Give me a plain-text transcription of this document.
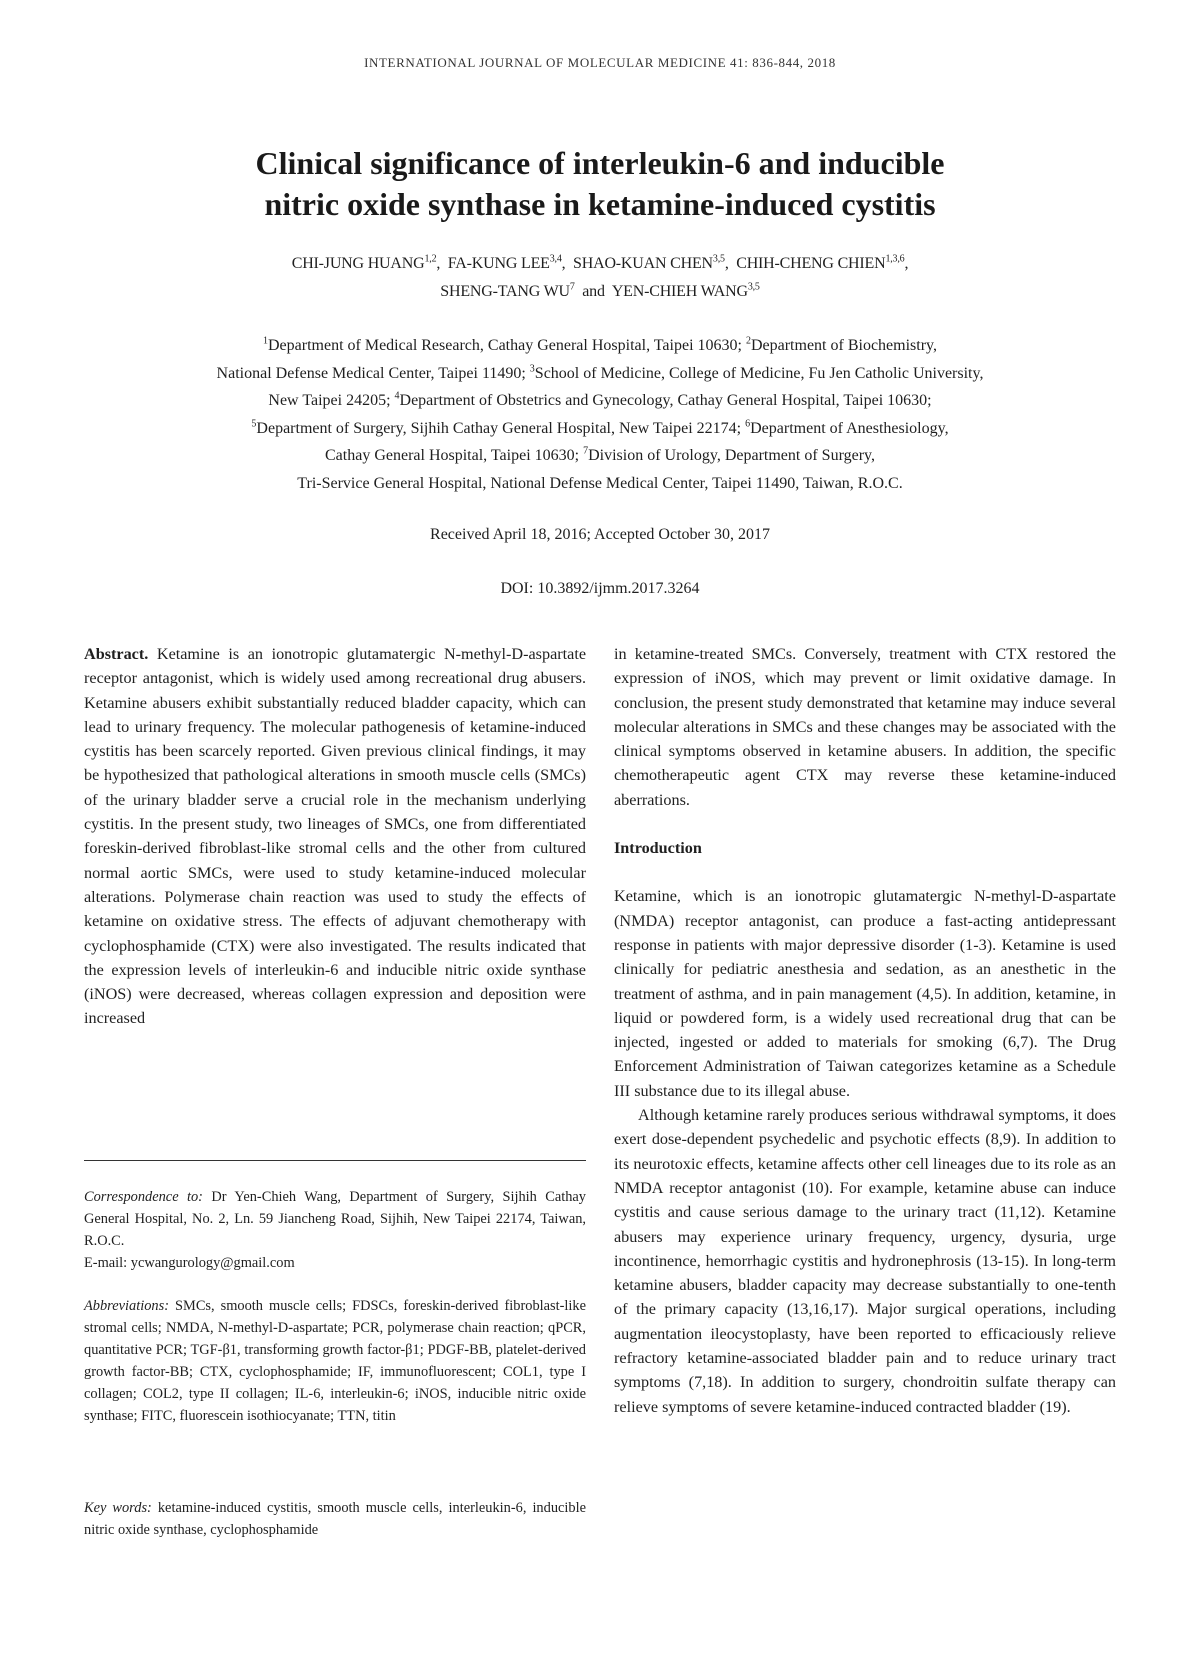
INTERNATIONAL JOURNAL OF MOLECULAR MEDICINE 41: 836-844, 2018
Clinical significance of interleukin-6 and inducible
nitric oxide synthase in ketamine-induced cystitis
CHI-JUNG HUANG$^{1,2}$,  FA-KUNG LEE$^{3,4}$,  SHAO-KUAN CHEN$^{3,5}$,  CHIH-CHENG CHIEN$^{1,3,6}$,
SHENG-TANG $WU^7$ and YEN-CHIEH WANG$^{3,5}$
$^1$Department of Medical Research, Cathay General Hospital, Taipei 10630; $^2$Department of Biochemistry,
National Defense Medical Center, Taipei 11490; $^3$School of Medicine, College of Medicine, Fu Jen Catholic University,
New Taipei 24205; $^4$Department of Obstetrics and Gynecology, Cathay General Hospital, Taipei 10630;
$^5$Department of Surgery, Sijhih Cathay General Hospital, New Taipei 22174; $^6$Department of Anesthesiology,
Cathay General Hospital, Taipei 10630; $^7$Division of Urology, Department of Surgery,
Tri-Service General Hospital, National Defense Medical Center, Taipei 11490, Taiwan, R.O.C.
Received April 18, 2016; Accepted October 30, 2017
DOI: 10.3892/ijmm.2017.3264

Abstract. Ketamine is an ionotropic glutamatergic N-methyl-D-aspartate receptor antagonist, which is widely used among recreational drug abusers. Ketamine abusers exhibit substantially reduced bladder capacity, which can lead to urinary frequency. The molecular pathogenesis of ketamine-induced cystitis has been scarcely reported. Given previous clinical findings, it may be hypothesized that pathological alterations in smooth muscle cells (SMCs) of the urinary bladder serve a crucial role in the mechanism underlying cystitis. In the present study, two lineages of SMCs, one from differentiated foreskin-derived fibroblast-like stromal cells and the other from cultured normal aortic SMCs, were used to study ketamine-induced molecular alterations. Polymerase chain reaction was used to study the effects of ketamine on oxidative stress. The effects of adjuvant chemotherapy with cyclophosphamide (CTX) were also investigated. The results indicated that the expression levels of interleukin-6 and inducible nitric oxide synthase (iNOS) were decreased, whereas collagen expression and deposition were increased

Correspondence to: Dr Yen-Chieh Wang, Department of Surgery, Sijhih Cathay General Hospital, No. 2, Ln. 59 Jiancheng Road, Sijhih, New Taipei 22174, Taiwan, R.O.C.
E-mail: ycwangurology@gmail.com
Abbreviations: SMCs, smooth muscle cells; FDSCs, foreskin-derived fibroblast-like stromal cells; NMDA, N-methyl-D-aspartate; PCR, polymerase chain reaction; qPCR, quantitative PCR; TGF-β1, transforming growth factor-β1; PDGF-BB, platelet-derived growth factor-BB; CTX, cyclophosphamide; IF, immunofluorescent; COL1, type I collagen; COL2, type II collagen; IL-6, interleukin-6; iNOS, inducible nitric oxide synthase; FITC, fluorescein isothiocyanate; TTN, titin
Key words: ketamine-induced cystitis, smooth muscle cells, interleukin-6, inducible nitric oxide synthase, cyclophosphamide

in ketamine-treated SMCs. Conversely, treatment with CTX restored the expression of iNOS, which may prevent or limit oxidative damage. In conclusion, the present study demonstrated that ketamine may induce several molecular alterations in SMCs and these changes may be associated with the clinical symptoms observed in ketamine abusers. In addition, the specific chemotherapeutic agent CTX may reverse these ketamine-induced aberrations.

Introduction

Ketamine, which is an ionotropic glutamatergic N-methyl-D-aspartate (NMDA) receptor antagonist, can produce a fast-acting antidepressant response in patients with major depressive disorder (1-3). Ketamine is used clinically for pediatric anesthesia and sedation, as an anesthetic in the treatment of asthma, and in pain management (4,5). In addition, ketamine, in liquid or powdered form, is a widely used recreational drug that can be injected, ingested or added to materials for smoking (6,7). The Drug Enforcement Administration of Taiwan categorizes ketamine as a Schedule III substance due to its illegal abuse.

Although ketamine rarely produces serious withdrawal symptoms, it does exert dose-dependent psychedelic and psychotic effects (8,9). In addition to its neurotoxic effects, ketamine affects other cell lineages due to its role as an NMDA receptor antagonist (10). For example, ketamine abuse can induce cystitis and cause serious damage to the urinary tract (11,12). Ketamine abusers may experience urinary frequency, urgency, dysuria, urge incontinence, hemorrhagic cystitis and hydronephrosis (13-15). In long-term ketamine abusers, bladder capacity may decrease substantially to one-tenth of the primary capacity (13,16,17). Major surgical operations, including augmentation ileocystoplasty, have been reported to efficaciously relieve refractory ketamine-associated bladder pain and to reduce urinary tract symptoms (7,18). In addition to surgery, chondroitin sulfate therapy can relieve symptoms of severe ketamine-induced contracted bladder (19).
